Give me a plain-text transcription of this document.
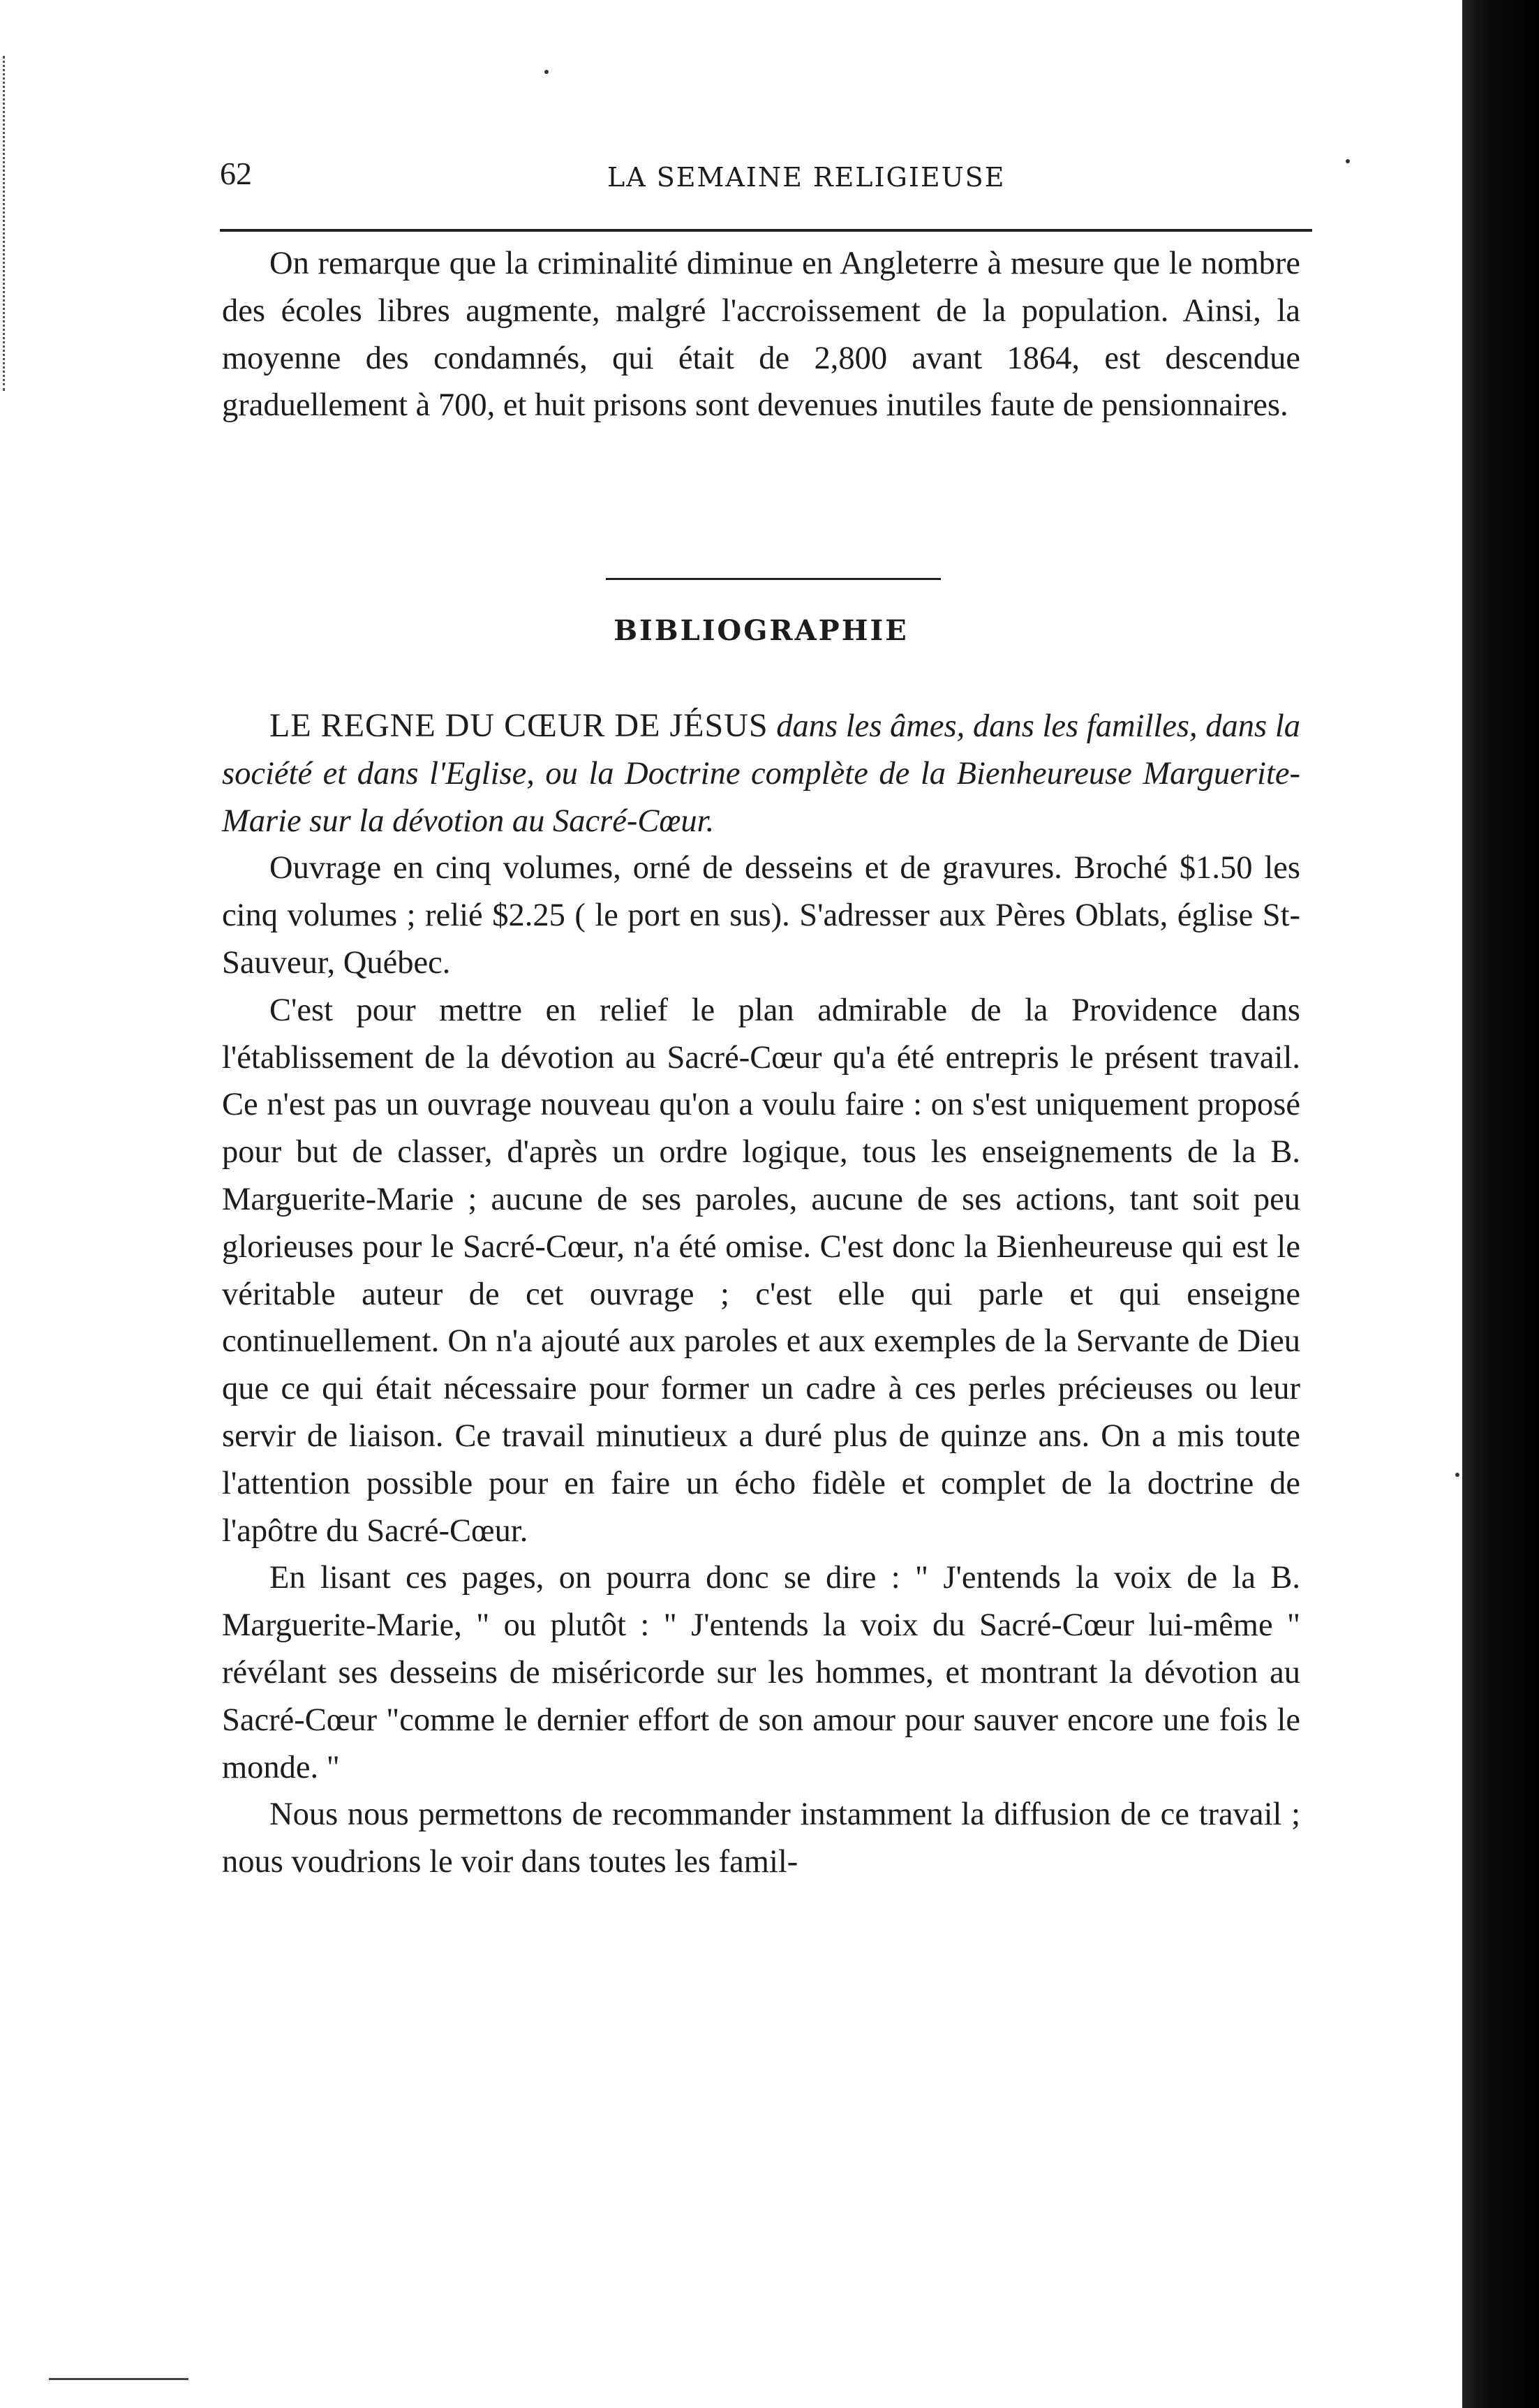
62	LA SEMAINE RELIGIEUSE

On remarque que la criminalité diminue en Angleterre à mesure que le nombre des écoles libres augmente, malgré l'accroissement de la population. Ainsi, la moyenne des condamnés, qui était de 2,800 avant 1864, est descendue graduellement à 700, et huit prisons sont devenues inutiles faute de pensionnaires.

BIBLIOGRAPHIE

LE REGNE DU CŒUR DE JÉSUS dans les âmes, dans les familles, dans la société et dans l'Eglise, ou la Doctrine complète de la Bienheureuse Marguerite-Marie sur la dévotion au Sacré-Cœur.

Ouvrage en cinq volumes, orné de desseins et de gravures. Broché $1.50 les cinq volumes ; relié $2.25 ( le port en sus). S'adresser aux Pères Oblats, église St-Sauveur, Québec.

C'est pour mettre en relief le plan admirable de la Providence dans l'établissement de la dévotion au Sacré-Cœur qu'a été entrepris le présent travail. Ce n'est pas un ouvrage nouveau qu'on a voulu faire : on s'est uniquement proposé pour but de classer, d'après un ordre logique, tous les enseignements de la B. Marguerite-Marie ; aucune de ses paroles, aucune de ses actions, tant soit peu glorieuses pour le Sacré-Cœur, n'a été omise. C'est donc la Bienheureuse qui est le véritable auteur de cet ouvrage ; c'est elle qui parle et qui enseigne continuellement. On n'a ajouté aux paroles et aux exemples de la Servante de Dieu que ce qui était nécessaire pour former un cadre à ces perles précieuses ou leur servir de liaison. Ce travail minutieux a duré plus de quinze ans. On a mis toute l'attention possible pour en faire un écho fidèle et complet de la doctrine de l'apôtre du Sacré-Cœur.

En lisant ces pages, on pourra donc se dire : " J'entends la voix de la B. Marguerite-Marie, " ou plutôt : " J'entends la voix du Sacré-Cœur lui-même " révélant ses desseins de miséricorde sur les hommes, et montrant la dévotion au Sacré-Cœur "comme le dernier effort de son amour pour sauver encore une fois le monde. "

Nous nous permettons de recommander instamment la diffusion de ce travail ; nous voudrions le voir dans toutes les famil-
